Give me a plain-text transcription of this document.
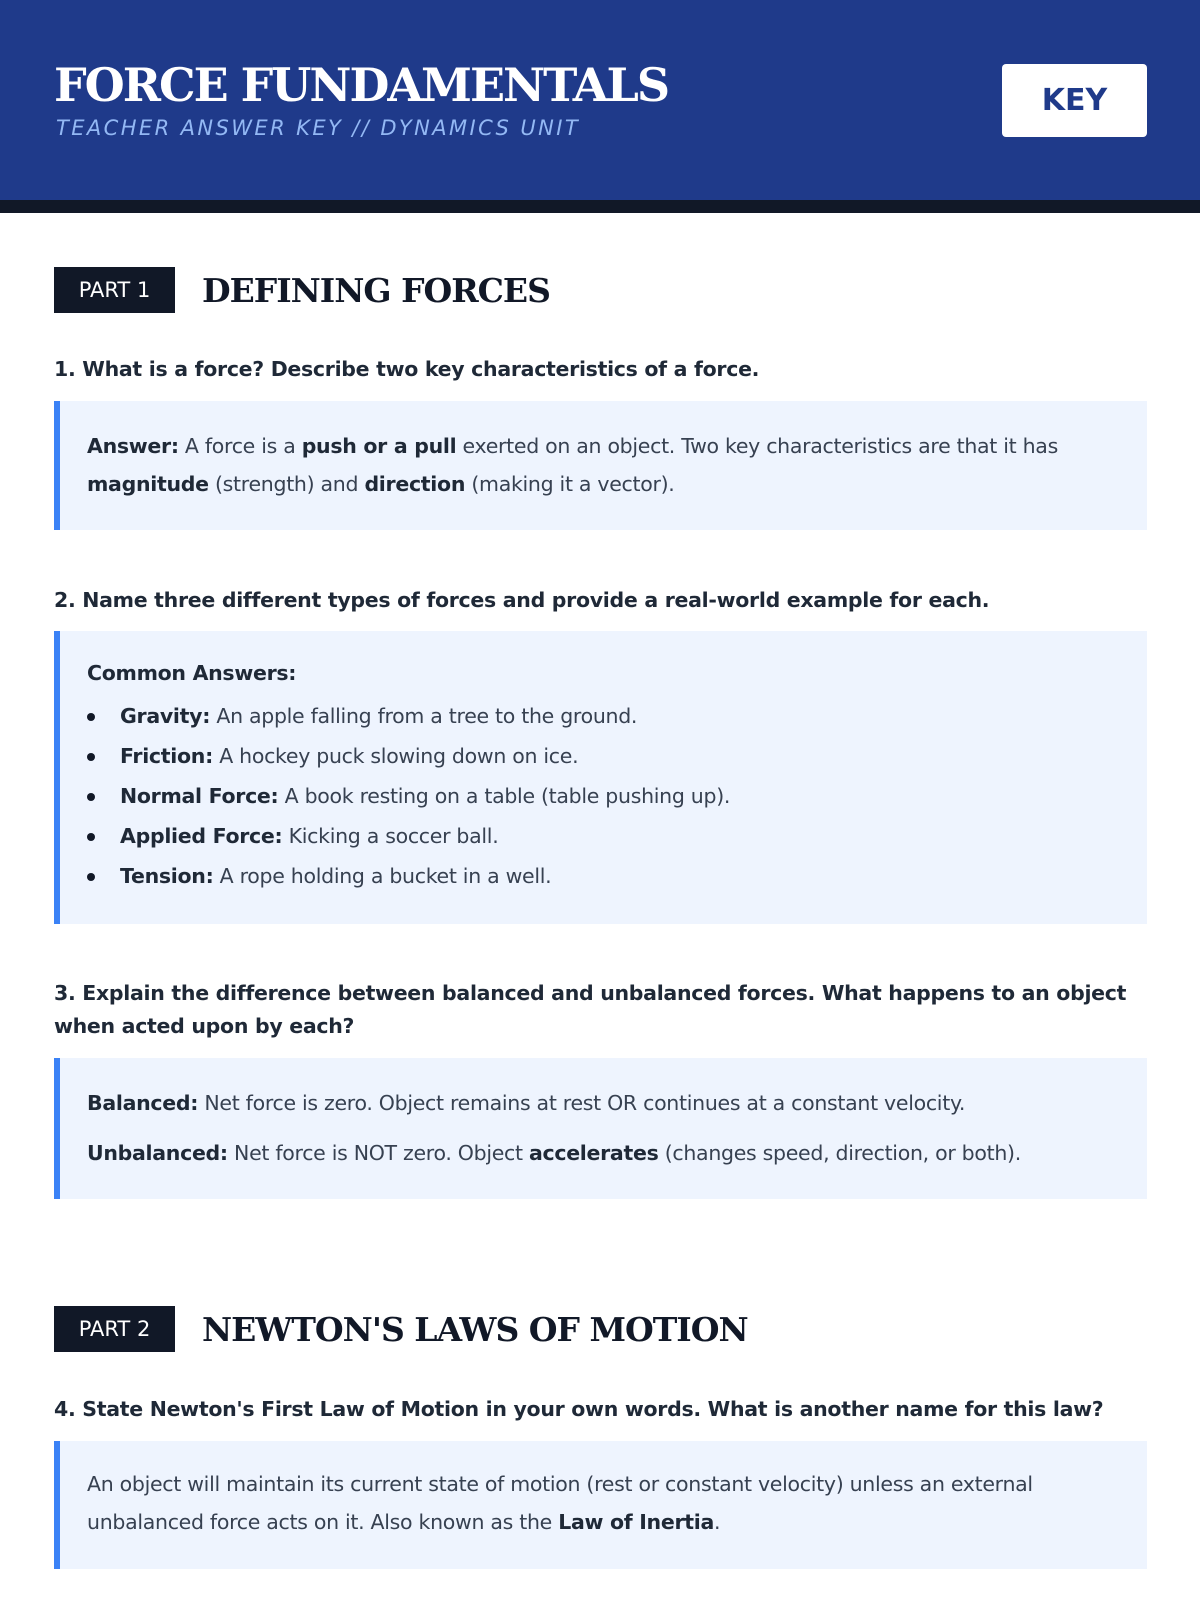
FORCE FUNDAMENTALS
TEACHER ANSWER KEY // DYNAMICS UNIT
KEY
PART 1	DEFINING FORCES
1. What is a force? Describe two key characteristics of a force.

Answer: A force is a push or a pull exerted on an object. Two key characteristics are that it has magnitude (strength) and direction (making it a vector).

2. Name three different types of forces and provide a real-world example for each.
Common Answers:
Gravity: An apple falling from a tree to the ground.
Friction: A hockey puck slowing down on ice.
Normal Force: A book resting on a table (table pushing up).
Applied Force: Kicking a soccer ball.
Tension: A rope holding a bucket in a well.
3. Explain the difference between balanced and unbalanced forces. What happens to an object when acted upon by each?
Balanced: Net force is zero. Object remains at rest OR continues at a constant velocity.
Unbalanced: Net force is NOT zero. Object accelerates (changes speed, direction, or both).
PART 2	NEWTON'S LAWS OF MOTION
4. State Newton's First Law of Motion in your own words. What is another name for this law?

An object will maintain its current state of motion (rest or constant velocity) unless an external unbalanced force acts on it. Also known as the Law of Inertia.
